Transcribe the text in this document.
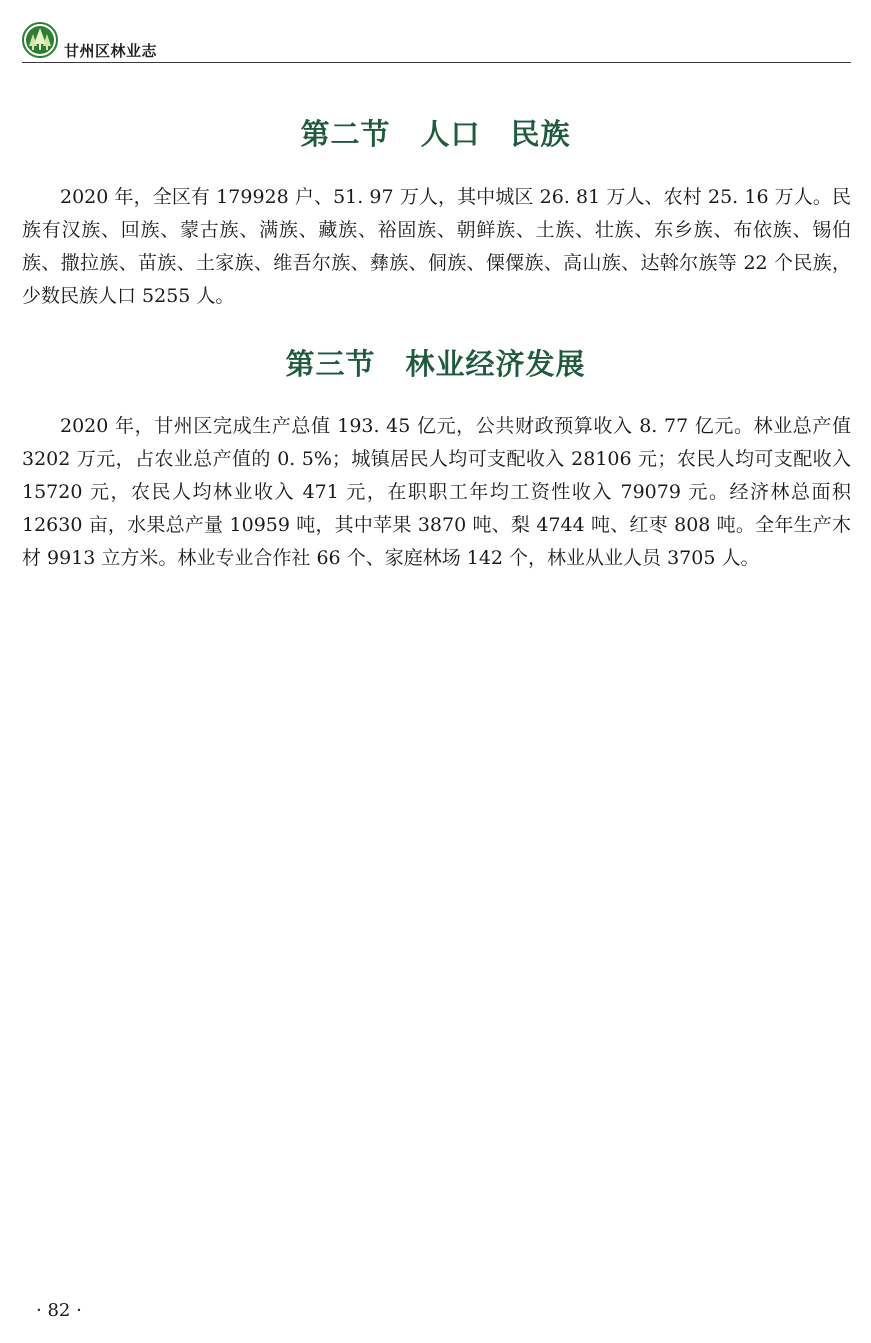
甘州区林业志
第二节　人口　民族

2020 年，全区有 179928 户、51. 97 万人，其中城区 26. 81 万人、农村 25. 16 万人。民族有汉族、回族、蒙古族、满族、藏族、裕固族、朝鲜族、土族、壮族、东乡族、布依族、锡伯族、撒拉族、苗族、土家族、维吾尔族、彝族、侗族、傈僳族、高山族、达斡尔族等 22 个民族，少数民族人口 5255 人。

第三节　林业经济发展

2020 年，甘州区完成生产总值 193. 45 亿元，公共财政预算收入 8. 77 亿元。林业总产值 3202 万元，占农业总产值的 0. 5%；城镇居民人均可支配收入 28106 元；农民人均可支配收入 15720 元，农民人均林业收入 471 元，在职职工年均工资性收入 79079 元。经济林总面积 12630 亩，水果总产量 10959 吨，其中苹果 3870 吨、梨 4744 吨、红枣 808 吨。全年生产木材 9913 立方米。林业专业合作社 66 个、家庭林场 142 个，林业从业人员 3705 人。

· 82 ·
